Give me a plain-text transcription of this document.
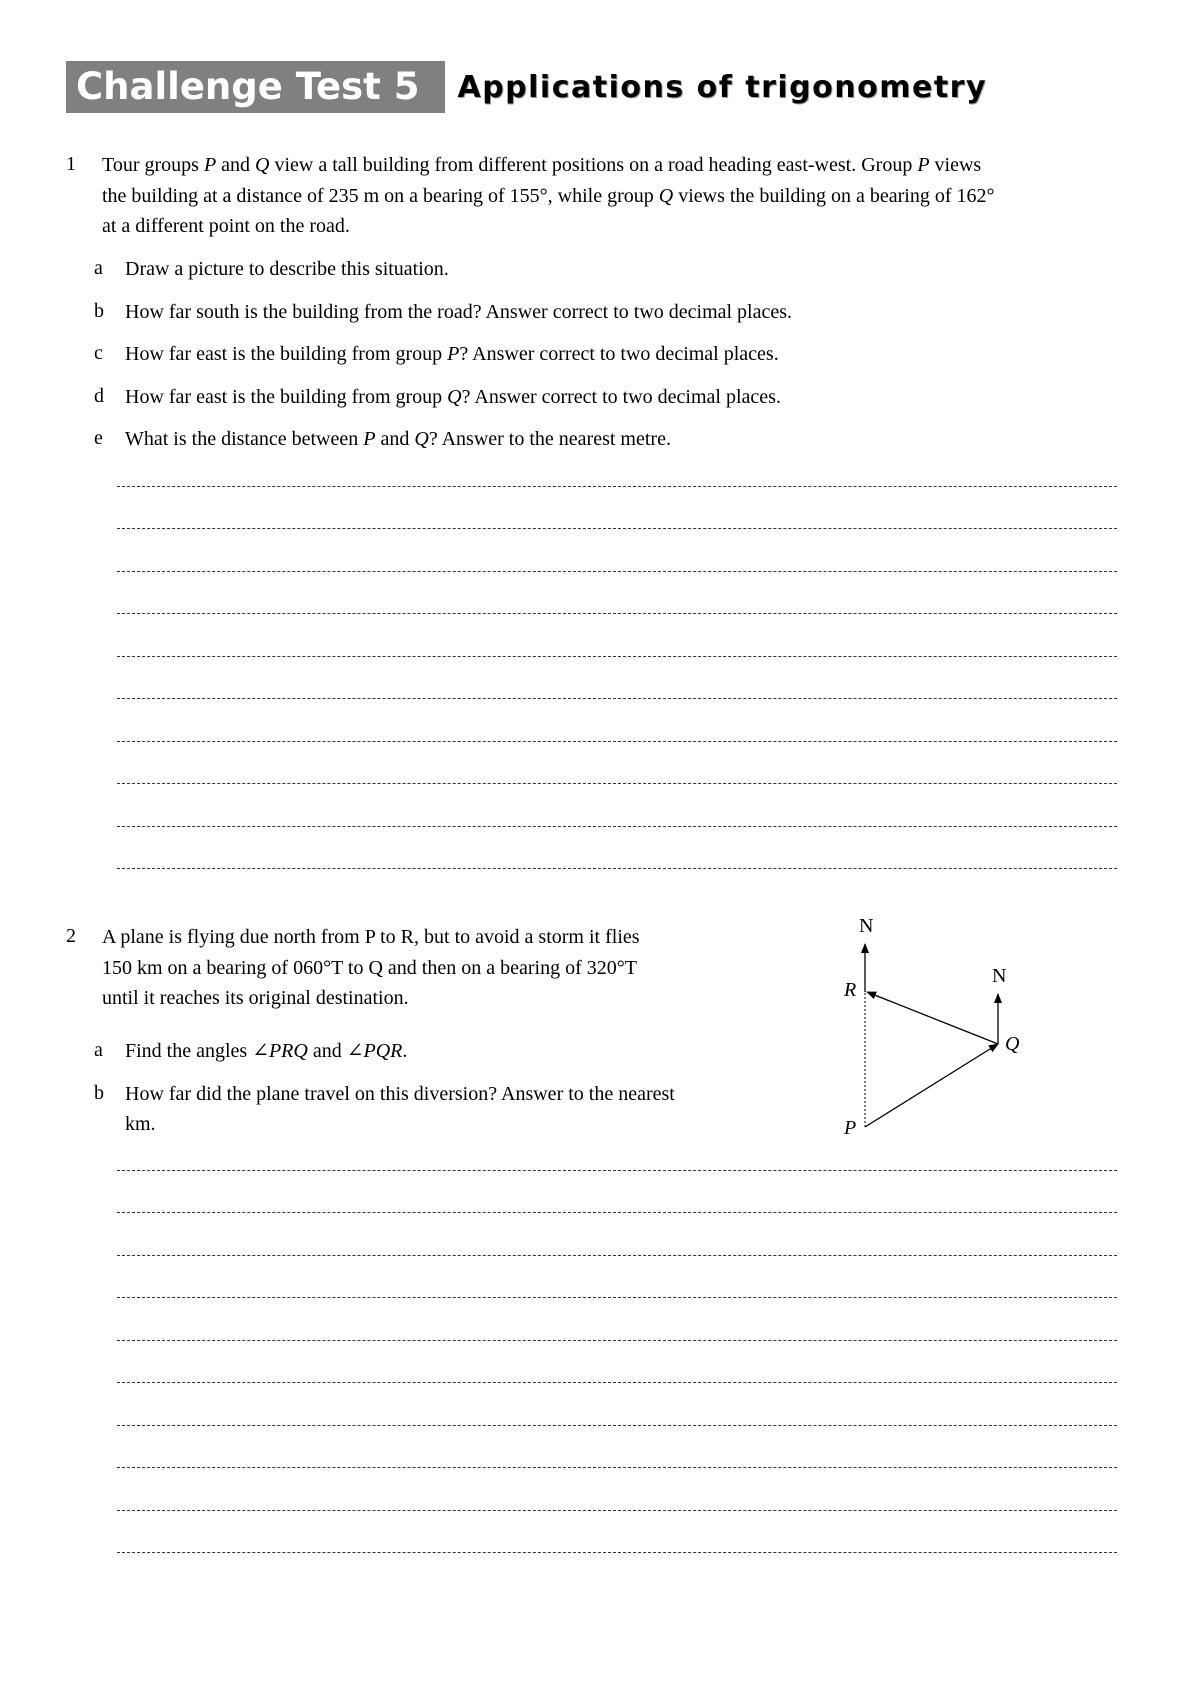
Challenge Test 5	Applications of trigonometry
1 Tour groups P and Q view a tall building from different positions on a road heading east-west. Group P views
the building at a distance of 235 m on a bearing of 155°, while group Q views the building on a bearing of 162°
at a different point on the road.
a Draw a picture to describe this situation.
b How far south is the building from the road? Answer correct to two decimal places.
c How far east is the building from group P? Answer correct to two decimal places.
d How far east is the building from group Q? Answer correct to two decimal places.
e What is the distance between P and Q? Answer to the nearest metre.
2 A plane is flying due north from P to R, but to avoid a storm it flies
150 km on a bearing of 060°T to Q and then on a bearing of 320°T
until it reaches its original destination.
a Find the angles ∠PRQ and ∠PQR.
b How far did the plane travel on this diversion? Answer to the nearest
km.
N
N
R
Q
P
